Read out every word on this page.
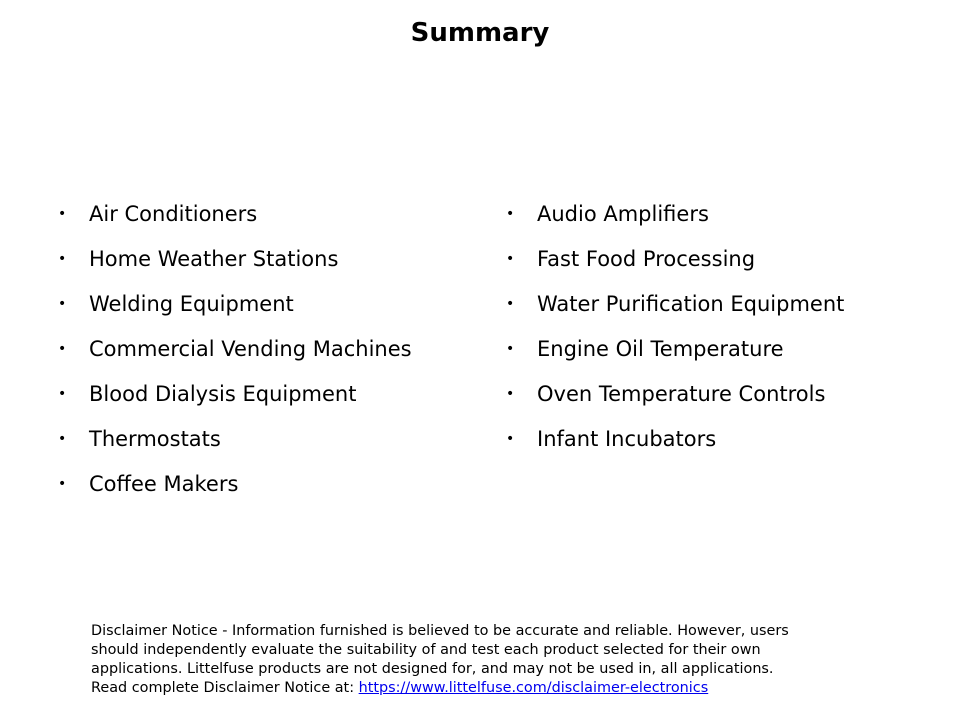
Summary
• Air Conditioners
• Home Weather Stations
• Welding Equipment
• Commercial Vending Machines
• Blood Dialysis Equipment
• Thermostats
• Coffee Makers
• Audio Amplifiers
• Fast Food Processing
• Water Purification Equipment
• Engine Oil Temperature
• Oven Temperature Controls
• Infant Incubators
Disclaimer Notice - Information furnished is believed to be accurate and reliable. However, users
should independently evaluate the suitability of and test each product selected for their own
applications. Littelfuse products are not designed for, and may not be used in, all applications.
Read complete Disclaimer Notice at: https://www.littelfuse.com/disclaimer-electronics
